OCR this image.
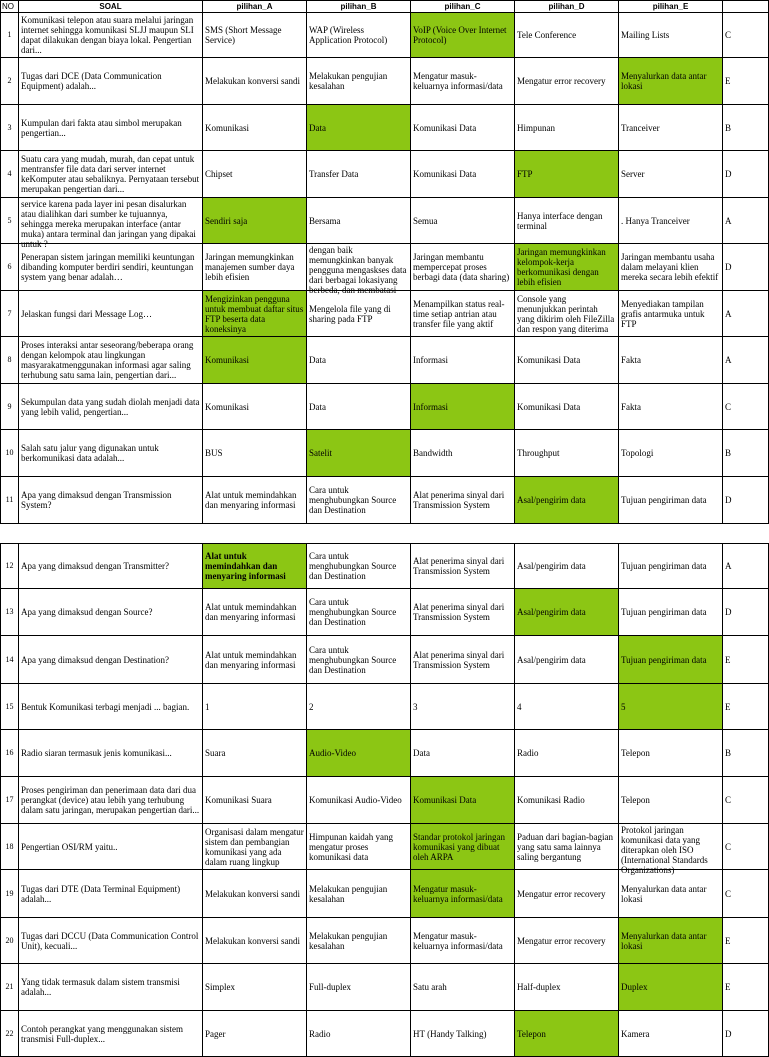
NO	SOAL	pilihan_A	pilihan_B	pilihan_C	pilihan_D	pilihan_E	

1	Komunikasi telepon atau suara melalui jaringan internet sehingga komunikasi SLJJ maupun SLI dapat dilakukan dengan biaya lokal. Pengertian dari...	SMS (Short Message Service)	WAP (Wireless Application Protocol)	VoIP (Voice Over Internet Protocol)	Tele Conference	Mailing Lists	C

2	Tugas dari DCE (Data Communication Equipment) adalah...	Melakukan konversi sandi	Melakukan pengujian kesalahan	Mengatur masuk-keluarnya informasi/data	Mengatur error recovery	Menyalurkan data antar lokasi	E

3	Kumpulan dari fakta atau simbol merupakan pengertian...	Komunikasi	Data	Komunikasi Data	Himpunan	Tranceiver	B

4	Suatu cara yang mudah, murah, dan cepat untuk mentransfer file data dari server internet keKomputer atau sebaliknya. Pernyataan tersebut merupakan pengertian dari...	Chipset	Transfer Data	Komunikasi Data	FTP	Server	D

5	service karena pada layer ini pesan disalurkan atau dialihkan dari sumber ke tujuannya, sehingga mereka merupakan interface (antar muka) antara terminal dan jaringan yang dipakai untuk ?	Sendiri saja	Bersama	Semua	Hanya interface dengan terminal	. Hanya Tranceiver	A

6	Penerapan sistem jaringan memiliki keuntungan dibanding komputer berdiri sendiri, keuntungan system yang benar adalah…	Jaringan memungkinkan manajemen sumber daya lebih efisien	dengan baik memungkinkan banyak pengguna mengaskses data dari berbagai lokasiyang berbeda, dan membatasi	Jaringan membantu mempercepat proses berbagi data (data sharing)	Jaringan memungkinkan kelompok-kerja berkomunikasi dengan lebih efisien	Jaringan membantu usaha dalam melayani klien mereka secara lebih efektif	D

7	Jelaskan fungsi dari Message Log…	Mengizinkan pengguna untuk membuat daftar situs FTP beserta data koneksinya	Mengelola file yang di sharing pada FTP	Menampilkan status real-time setiap antrian atau transfer file yang aktif	Console yang menunjukkan perintah yang dikirim oleh FileZilla dan respon yang diterima	Menyediakan tampilan grafis antarmuka untuk FTP	A

8	Proses interaksi antar seseorang/beberapa orang dengan kelompok atau lingkungan masyarakatmenggunakan informasi agar saling terhubung satu sama lain, pengertian dari...	Komunikasi	Data	Informasi	Komunikasi Data	Fakta	A

9	Sekumpulan data yang sudah diolah menjadi data yang lebih valid, pengertian...	Komunikasi	Data	Informasi	Komunikasi Data	Fakta	C

10	Salah satu jalur yang digunakan untuk berkomunikasi data adalah...	BUS	Satelit	Bandwidth	Throughput	Topologi	B

11	Apa yang dimaksud dengan Transmission System?	Alat untuk memindahkan dan menyaring informasi	Cara untuk menghubungkan Source dan Destination	Alat penerima sinyal dari Transmission System	Asal/pengirim data	Tujuan pengiriman data	D
12	Apa yang dimaksud dengan Transmitter?	Alat untuk memindahkan dan menyaring informasi	Cara untuk menghubungkan Source dan Destination	Alat penerima sinyal dari Transmission System	Asal/pengirim data	Tujuan pengiriman data	A

13	Apa yang dimaksud dengan Source?	Alat untuk memindahkan dan menyaring informasi	Cara untuk menghubungkan Source dan Destination	Alat penerima sinyal dari Transmission System	Asal/pengirim data	Tujuan pengiriman data	D

14	Apa yang dimaksud dengan Destination?	Alat untuk memindahkan dan menyaring informasi	Cara untuk menghubungkan Source dan Destination	Alat penerima sinyal dari Transmission System	Asal/pengirim data	Tujuan pengiriman data	E

15	Bentuk Komunikasi terbagi menjadi ... bagian.	1	2	3	4	5	E

16	Radio siaran termasuk jenis komunikasi...	Suara	Audio-Video	Data	Radio	Telepon	B

17	Proses pengiriman dan penerimaan data dari dua perangkat (device) atau lebih yang terhubung dalam satu jaringan, merupakan pengertian dari...	Komunikasi Suara	Komunikasi Audio-Video	Komunikasi Data	Komunikasi Radio	Telepon	C

18	Pengertian OSI/RM yaitu..	Organisasi dalam mengatur sistem dan pembangian komunikasi yang ada dalam ruang lingkup	Himpunan kaidah yang mengatur proses komunikasi data	Standar protokol jaringan komunikasi yang dibuat oleh ARPA	Paduan dari bagian-bagian yang satu sama lainnya saling bergantung	Protokol jaringan komunikasi data yang diterapkan oleh ISO (International Standards Organizations)	C

19	Tugas dari DTE (Data Terminal Equipment) adalah...	Melakukan konversi sandi	Melakukan pengujian kesalahan	Mengatur masuk-keluarnya informasi/data	Mengatur error recovery	Menyalurkan data antar lokasi	C

20	Tugas dari DCCU (Data Communication Control Unit), kecuali...	Melakukan konversi sandi	Melakukan pengujian kesalahan	Mengatur masuk-keluarnya informasi/data	Mengatur error recovery	Menyalurkan data antar lokasi	E

21	Yang tidak termasuk dalam sistem transmisi adalah...	Simplex	Full-duplex	Satu arah	Half-duplex	Duplex	E

22	Contoh perangkat yang menggunakan sistem transmisi Full-duplex...	Pager	Radio	HT (Handy Talking)	Telepon	Kamera	D
